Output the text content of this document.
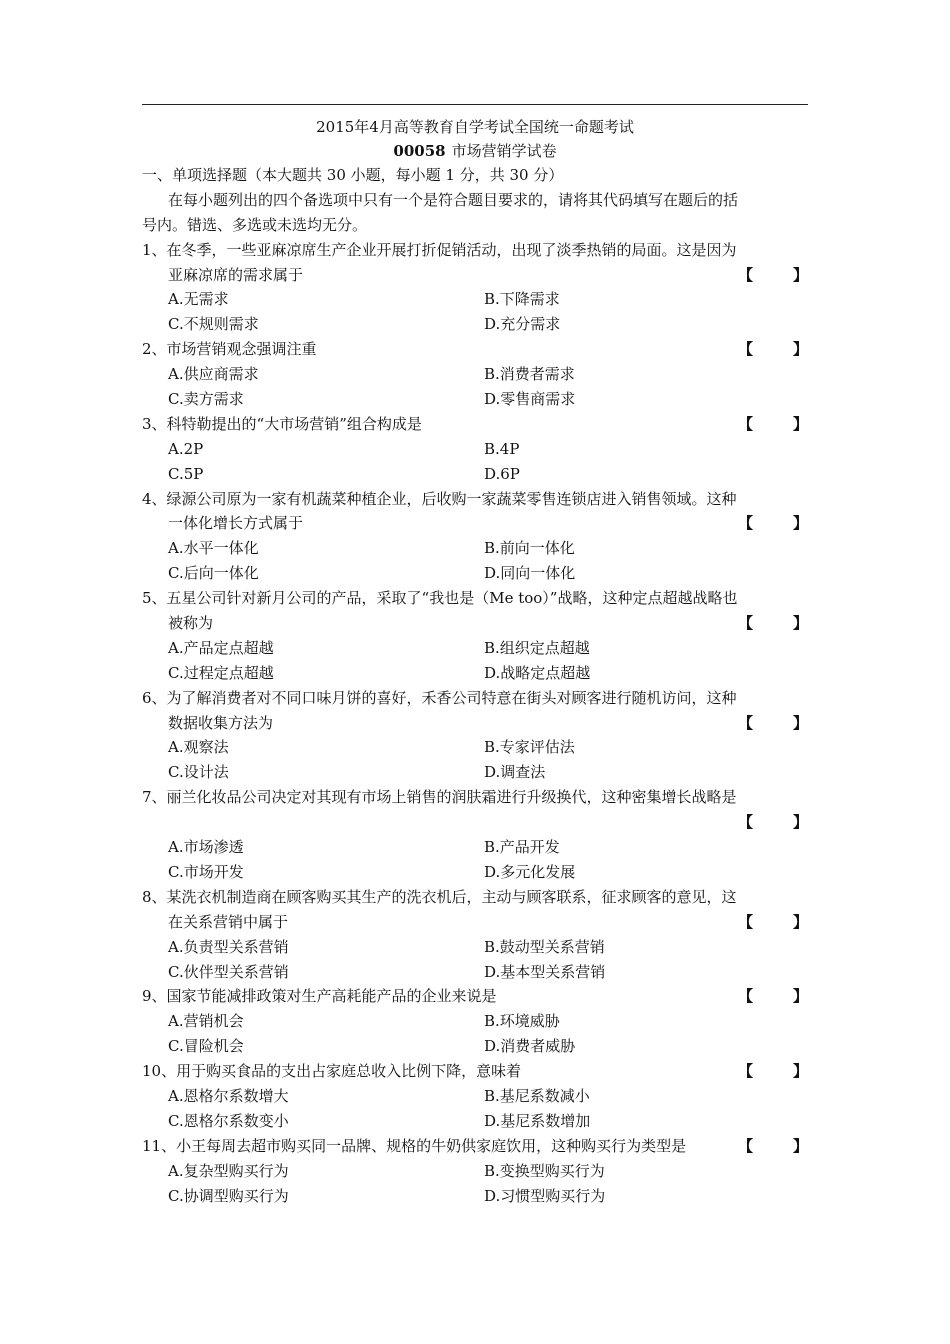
2015年4月高等教育自学考试全国统一命题考试
00058 市场营销学试卷
一、单项选择题（本大题共 30 小题，每小题 1 分，共 30 分）
在每小题列出的四个备选项中只有一个是符合题目要求的，请将其代码填写在题后的括
号内。错选、多选或未选均无分。
1、在冬季，一些亚麻凉席生产企业开展打折促销活动，出现了淡季热销的局面。这是因为
亚麻凉席的需求属于	【	】
A.无需求	B.下降需求
C.不规则需求	D.充分需求
2、市场营销观念强调注重	【	】
A.供应商需求	B.消费者需求
C.卖方需求	D.零售商需求
3、科特勒提出的“大市场营销”组合构成是	【	】
A.2P	B.4P
C.5P	D.6P
4、绿源公司原为一家有机蔬菜种植企业，后收购一家蔬菜零售连锁店进入销售领域。这种
一体化增长方式属于	【	】
A.水平一体化	B.前向一体化
C.后向一体化	D.同向一体化
5、五星公司针对新月公司的产品，采取了“我也是（Me too）”战略，这种定点超越战略也
被称为	【	】
A.产品定点超越	B.组织定点超越
C.过程定点超越	D.战略定点超越
6、为了解消费者对不同口味月饼的喜好，禾香公司特意在街头对顾客进行随机访问，这种
数据收集方法为	【	】
A.观察法	B.专家评估法
C.设计法	D.调查法
7、丽兰化妆品公司决定对其现有市场上销售的润肤霜进行升级换代，这种密集增长战略是
【	】
A.市场渗透	B.产品开发
C.市场开发	D.多元化发展
8、某洗衣机制造商在顾客购买其生产的洗衣机后，主动与顾客联系，征求顾客的意见，这
在关系营销中属于	【	】
A.负责型关系营销	B.鼓动型关系营销
C.伙伴型关系营销	D.基本型关系营销
9、国家节能减排政策对生产高耗能产品的企业来说是	【	】
A.营销机会	B.环境威胁
C.冒险机会	D.消费者威胁
10、用于购买食品的支出占家庭总收入比例下降，意味着	【	】
A.恩格尔系数增大	B.基尼系数减小
C.恩格尔系数变小	D.基尼系数增加
11、小王每周去超市购买同一品牌、规格的牛奶供家庭饮用，这种购买行为类型是	【	】
A.复杂型购买行为	B.变换型购买行为
C.协调型购买行为	D.习惯型购买行为
